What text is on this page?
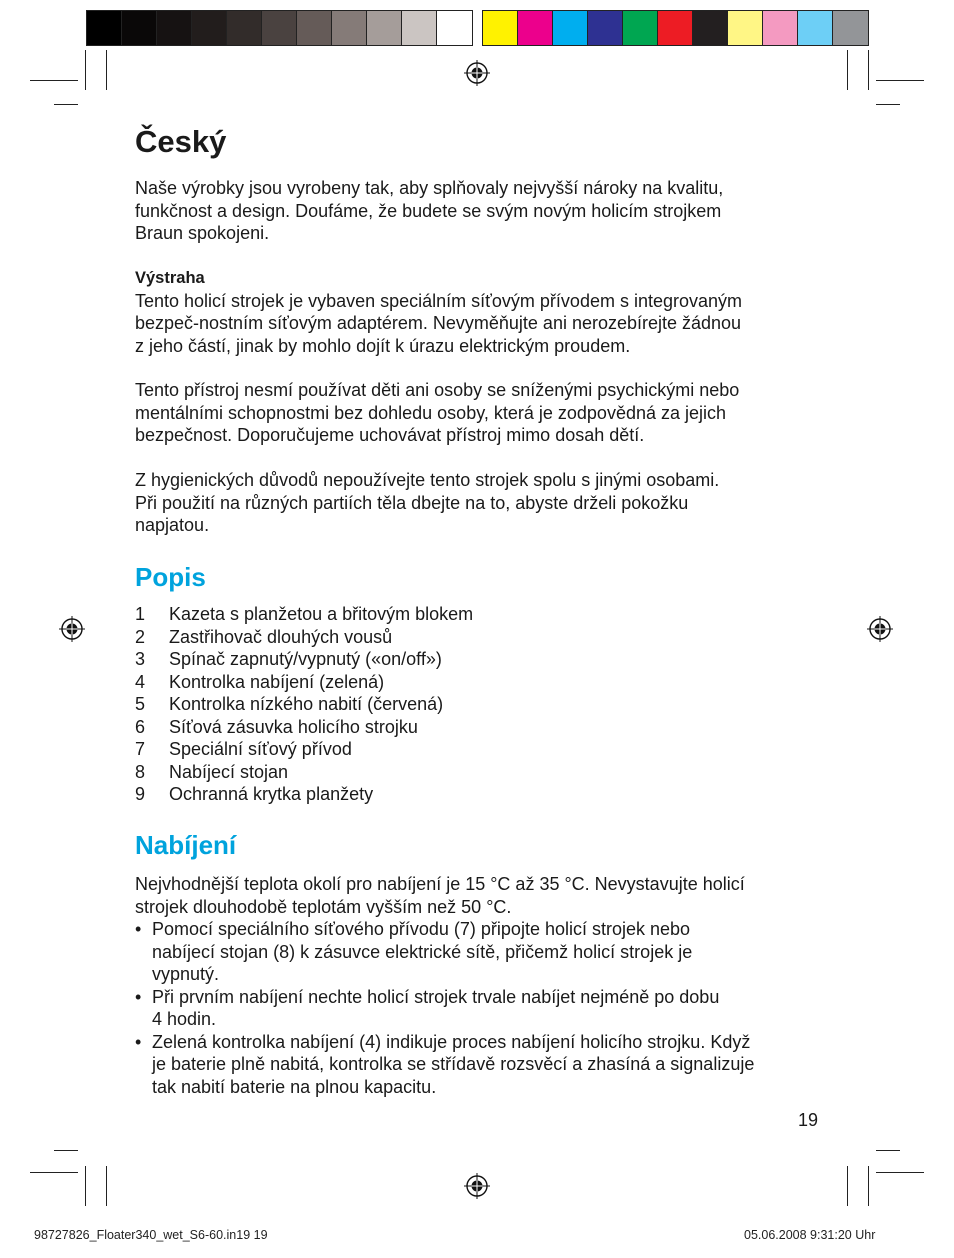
Český

Naše výrobky jsou vyrobeny tak, aby splňovaly nejvyšší nároky na kvalitu,

funkčnost a design. Doufáme, že budete se svým novým holicím strojkem

Braun spokojeni.

Výstraha

Tento holicí strojek je vybaven speciálním síťovým přívodem s integrovaným

bezpeč-nostním síťovým adaptérem. Nevyměňujte ani nerozebírejte žádnou

z jeho částí, jinak by mohlo dojít k úrazu elektrickým proudem.

Tento přístroj nesmí používat děti ani osoby se sníženými psychickými nebo

mentálními schopnostmi bez dohledu osoby, která je zodpovědná za jejich

bezpečnost. Doporučujeme uchovávat přístroj mimo dosah dětí.

Z hygienických důvodů nepoužívejte tento strojek spolu s jinými osobami.

Při použití na různých partiích těla dbejte na to, abyste drželi pokožku

napjatou.

Popis
1	Kazeta s planžetou a břitovým blokem
2	Zastřihovač dlouhých vousů
3	Spínač zapnutý/vypnutý («on/off»)
4	Kontrolka nabíjení (zelená)
5	Kontrolka nízkého nabití (červená)
6	Síťová zásuvka holicího strojku
7	Speciální síťový přívod
8	Nabíjecí stojan
9	Ochranná krytka planžety
Nabíjení

Nejvhodnější teplota okolí pro nabíjení je 15 °C až 35 °C. Nevystavujte holicí

strojek dlouhodobě teplotám vyšším než 50 °C.

• Pomocí speciálního síťového přívodu (7) připojte holicí strojek nebo
nabíjecí stojan (8) k zásuvce elektrické sítě, přičemž holicí strojek je
vypnutý.
• Při prvním nabíjení nechte holicí strojek trvale nabíjet nejméně po dobu
4 hodin.
• Zelená kontrolka nabíjení (4) indikuje proces nabíjení holicího strojku. Když
je baterie plně nabitá, kontrolka se střídavě rozsvěcí a zhasíná a signalizuje
tak nabití baterie na plnou kapacitu.
19
98727826_Floater340_wet_S6-60.in19 19	05.06.2008 9:31:20 Uhr
